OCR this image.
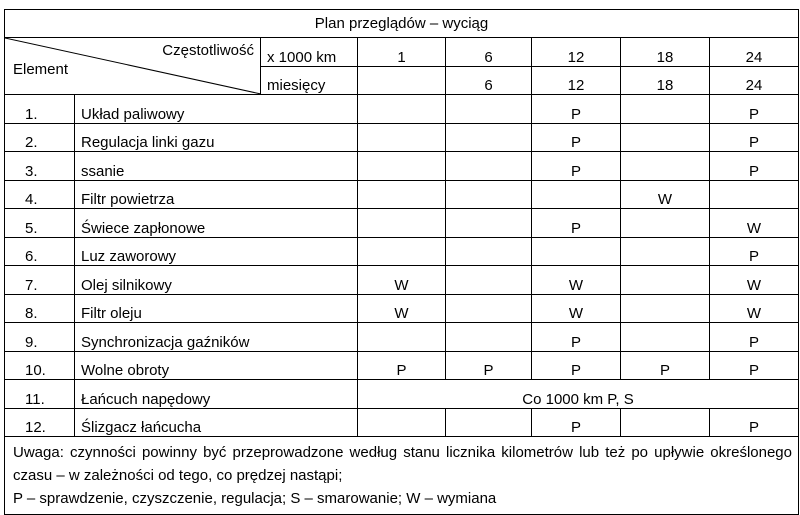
Plan przeglądów – wyciąg							

Częstotliwość
Element		x 1000 km	1	6	12	18	24
		miesięcy		6	12	18	24
1.	Układ paliwowy				P		P
2.	Regulacja linki gazu				P		P
3.	ssanie				P		P
4.	Filtr powietrza					W	
5.	Świece zapłonowe				P		W
6.	Luz zaworowy						P
7.	Olej silnikowy		W		W		W
8.	Filtr oleju		W		W		W
9.	Synchronizacja gaźników				P		P
10.	Wolne obroty		P	P	P	P	P
11.	Łańcuch napędowy		Co 1000 km P, S				
12.	Ślizgacz łańcucha				P		P

Uwaga: czynności powinny być przeprowadzone według stanu licznika kilometrów lub też po upływie określonego czasu – w zależności od tego, co prędzej nastąpi;
P – sprawdzenie, czyszczenie, regulacja; S – smarowanie; W – wymiana							
